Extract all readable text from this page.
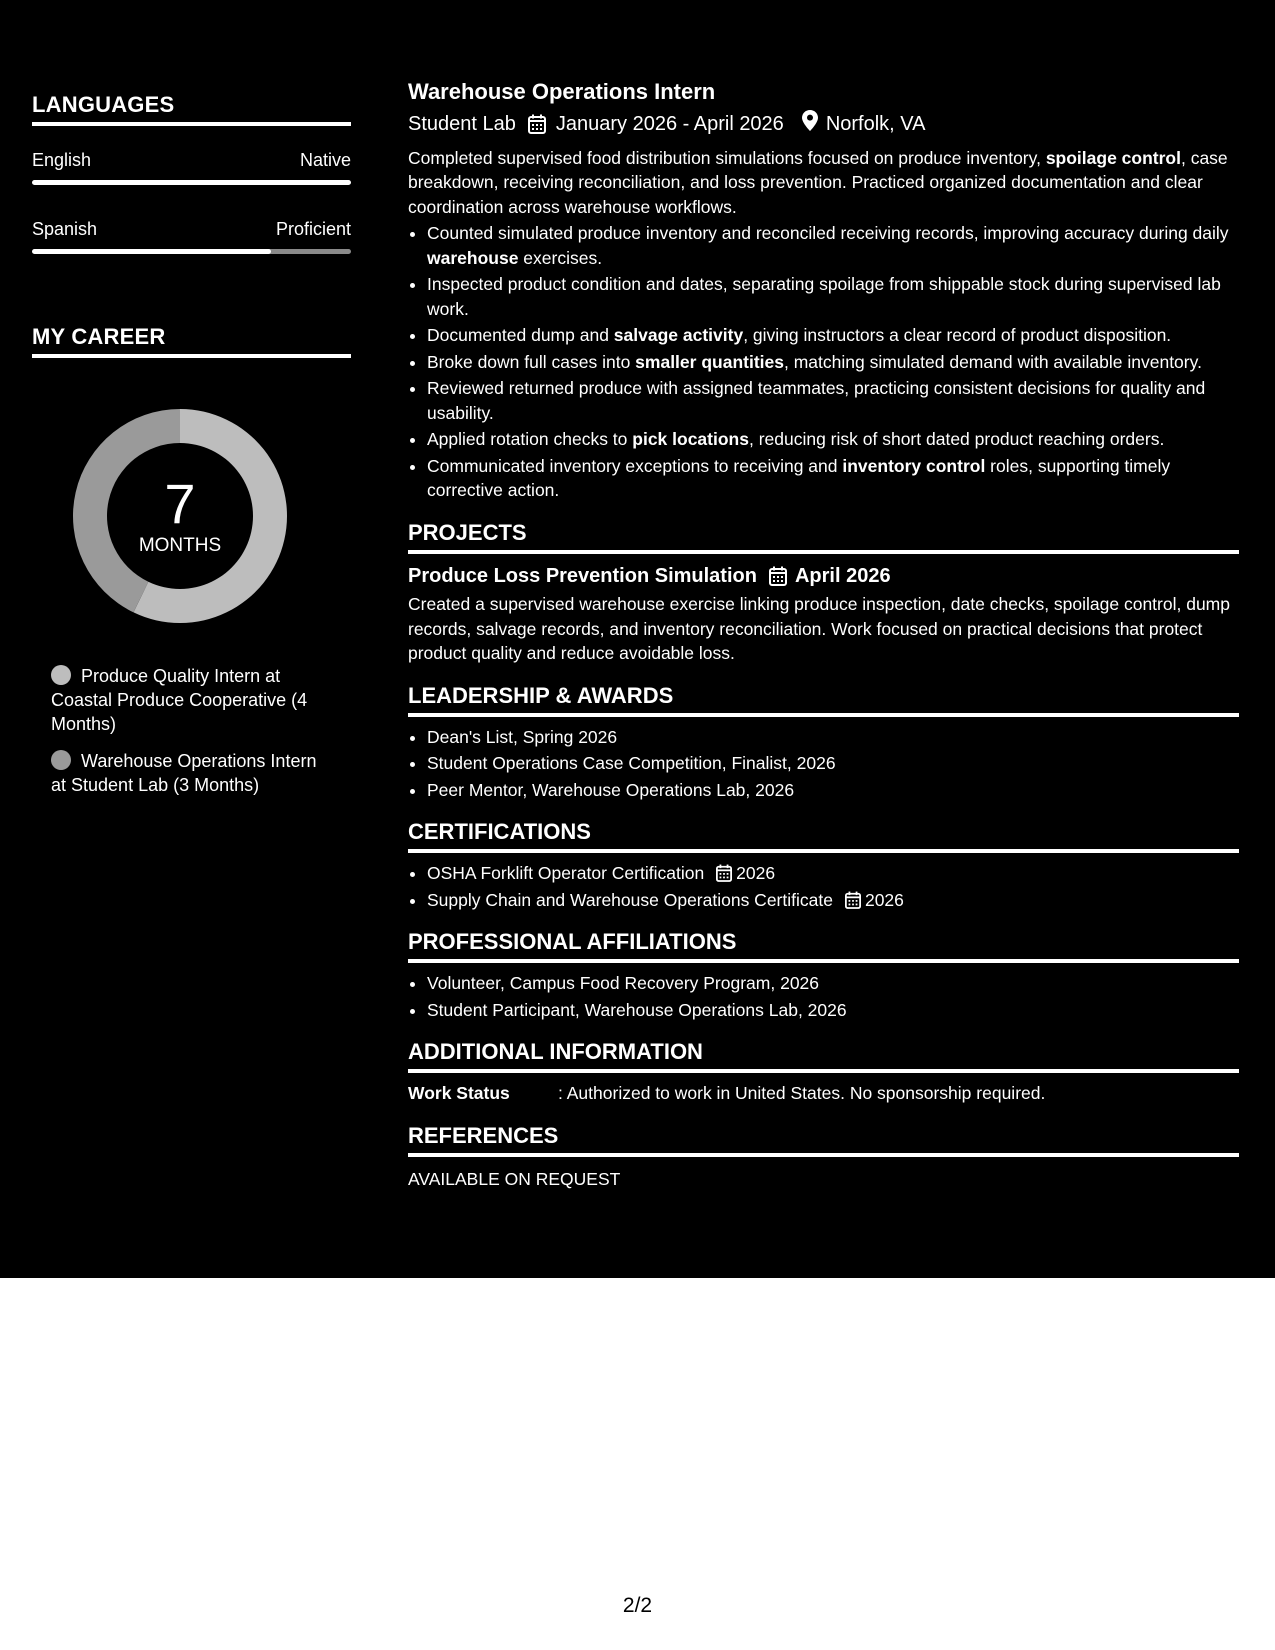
LANGUAGES
English	Native
Spanish	Proficient
MY CAREER
7
MONTHS
Produce Quality Intern at Coastal Produce Cooperative (4 Months)
Warehouse Operations Intern at Student Lab (3 Months)
Warehouse Operations Intern
Student Lab January 2026 - April 2026 Norfolk, VA

Completed supervised food distribution simulations focused on produce inventory, spoilage control, case breakdown, receiving reconciliation, and loss prevention. Practiced organized documentation and clear coordination across warehouse workflows.

• Counted simulated produce inventory and reconciled receiving records, improving accuracy during daily warehouse exercises.
• Inspected product condition and dates, separating spoilage from shippable stock during supervised lab work.
• Documented dump and salvage activity, giving instructors a clear record of product disposition.
• Broke down full cases into smaller quantities, matching simulated demand with available inventory.
• Reviewed returned produce with assigned teammates, practicing consistent decisions for quality and usability.
• Applied rotation checks to pick locations, reducing risk of short dated product reaching orders.
• Communicated inventory exceptions to receiving and inventory control roles, supporting timely corrective action.
PROJECTS
Produce Loss Prevention Simulation April 2026

Created a supervised warehouse exercise linking produce inspection, date checks, spoilage control, dump records, salvage records, and inventory reconciliation. Work focused on practical decisions that protect product quality and reduce avoidable loss.

LEADERSHIP & AWARDS
• Dean's List, Spring 2026
• Student Operations Case Competition, Finalist, 2026
• Peer Mentor, Warehouse Operations Lab, 2026
CERTIFICATIONS
• OSHA Forklift Operator Certification 2026
• Supply Chain and Warehouse Operations Certificate 2026
PROFESSIONAL AFFILIATIONS
• Volunteer, Campus Food Recovery Program, 2026
• Student Participant, Warehouse Operations Lab, 2026
ADDITIONAL INFORMATION
Work Status	: Authorized to work in United States. No sponsorship required.
REFERENCES
AVAILABLE ON REQUEST
2/2
